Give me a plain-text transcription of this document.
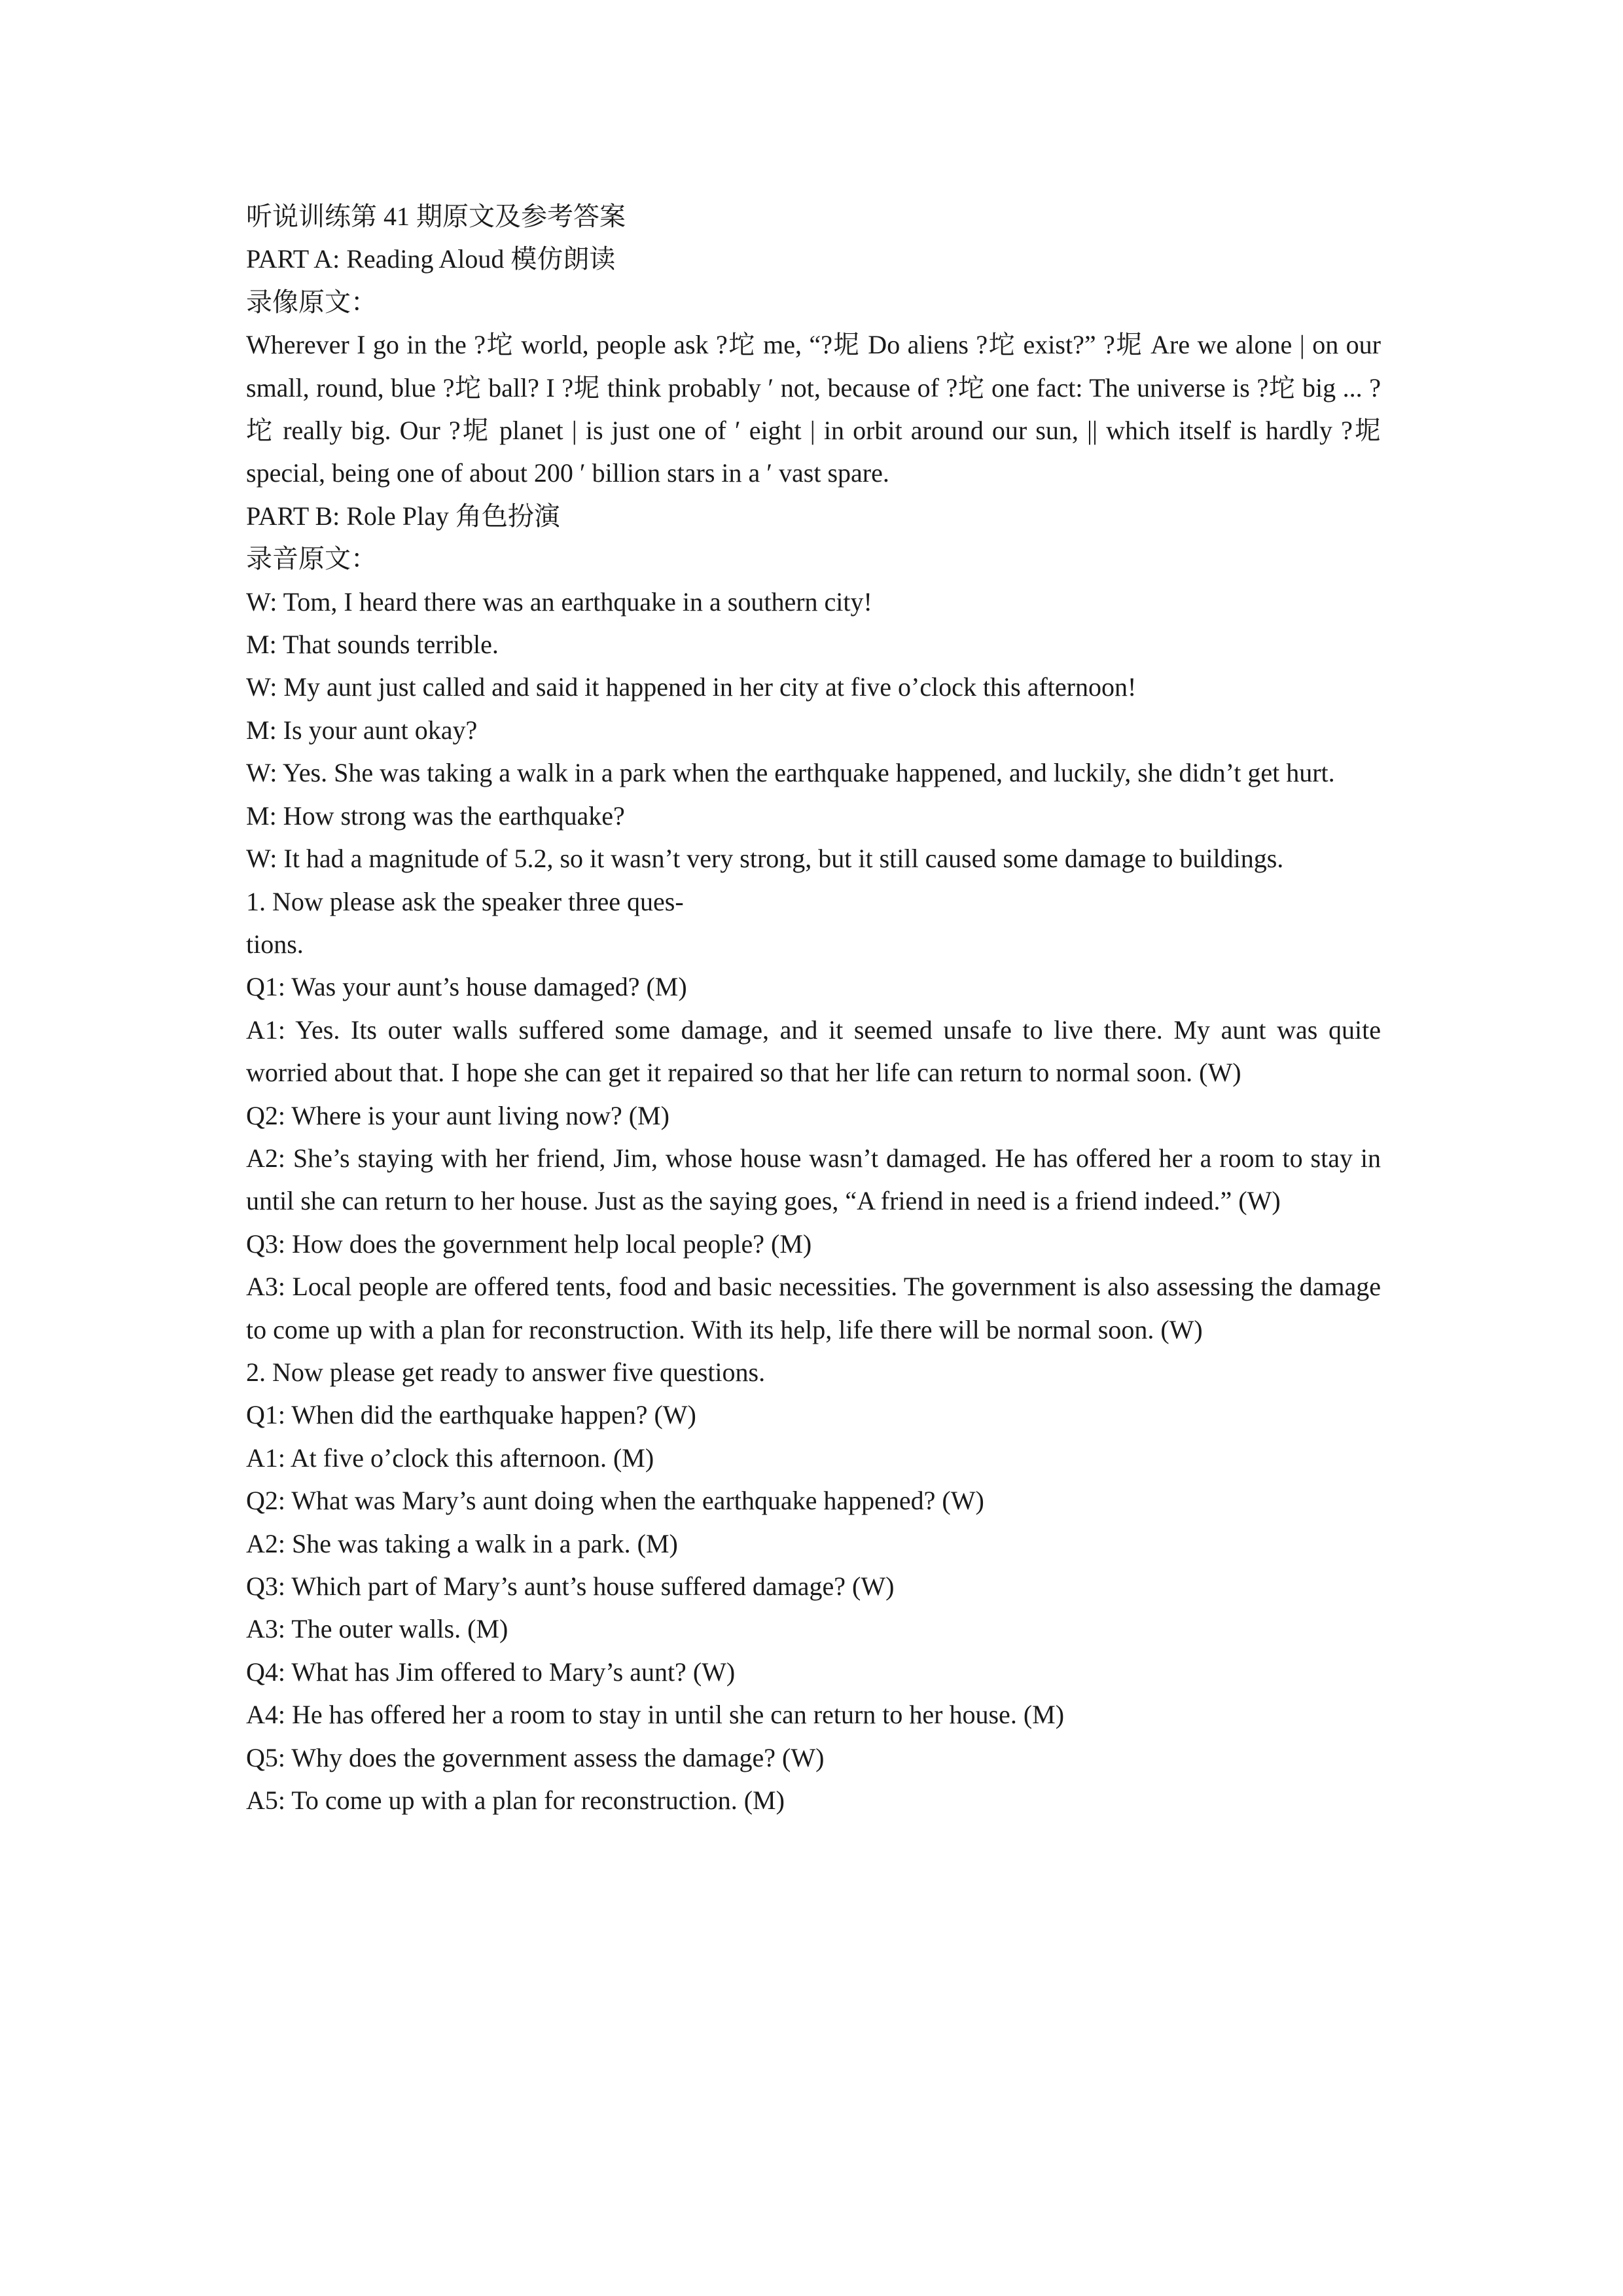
听说训练第 41 期原文及参考答案

PART A: Reading Aloud 模仿朗读

录像原文：

Wherever I go in the ?坨 world, people ask ?坨 me, “?坭 Do aliens ?坨 exist?” ?坭 Are we alone | on our small, round, blue ?坨 ball? I ?坭 think probably ′ not, because of ?坨 one fact: The universe is ?坨 big ... ?坨 really big. Our ?坭 planet | is just one of ′ eight | in orbit around our sun, || which itself is hardly ?坭 special, being one of about 200 ′ billion stars in a ′ vast spare.

PART B: Role Play 角色扮演

录音原文：

W: Tom, I heard there was an earthquake in a southern city!

M: That sounds terrible.

W: My aunt just called and said it happened in her city at five o’clock this afternoon!

M: Is your aunt okay?

W: Yes. She was taking a walk in a park when the earthquake happened, and luckily, she didn’t get hurt.

M: How strong was the earthquake?

W: It had a magnitude of 5.2, so it wasn’t very strong, but it still caused some damage to buildings.

1. Now please ask the speaker three ques-

tions.

Q1: Was your aunt’s house damaged? (M)

A1: Yes. Its outer walls suffered some damage, and it seemed unsafe to live there. My aunt was quite worried about that. I hope she can get it repaired so that her life can return to normal soon. (W)

Q2: Where is your aunt living now? (M)

A2: She’s staying with her friend, Jim, whose house wasn’t damaged. He has offered her a room to stay in until she can return to her house. Just as the saying goes, “A friend in need is a friend indeed.” (W)

Q3: How does the government help local people? (M)

A3: Local people are offered tents, food and basic necessities. The government is also assessing the damage to come up with a plan for reconstruction. With its help, life there will be normal soon. (W)

2. Now please get ready to answer five questions.

Q1: When did the earthquake happen? (W)

A1: At five o’clock this afternoon. (M)

Q2: What was Mary’s aunt doing when the earthquake happened? (W)

A2: She was taking a walk in a park. (M)

Q3: Which part of Mary’s aunt’s house suffered damage? (W)

A3: The outer walls. (M)

Q4: What has Jim offered to Mary’s aunt? (W)

A4: He has offered her a room to stay in until she can return to her house. (M)

Q5: Why does the government assess the damage? (W)

A5: To come up with a plan for reconstruction. (M)
